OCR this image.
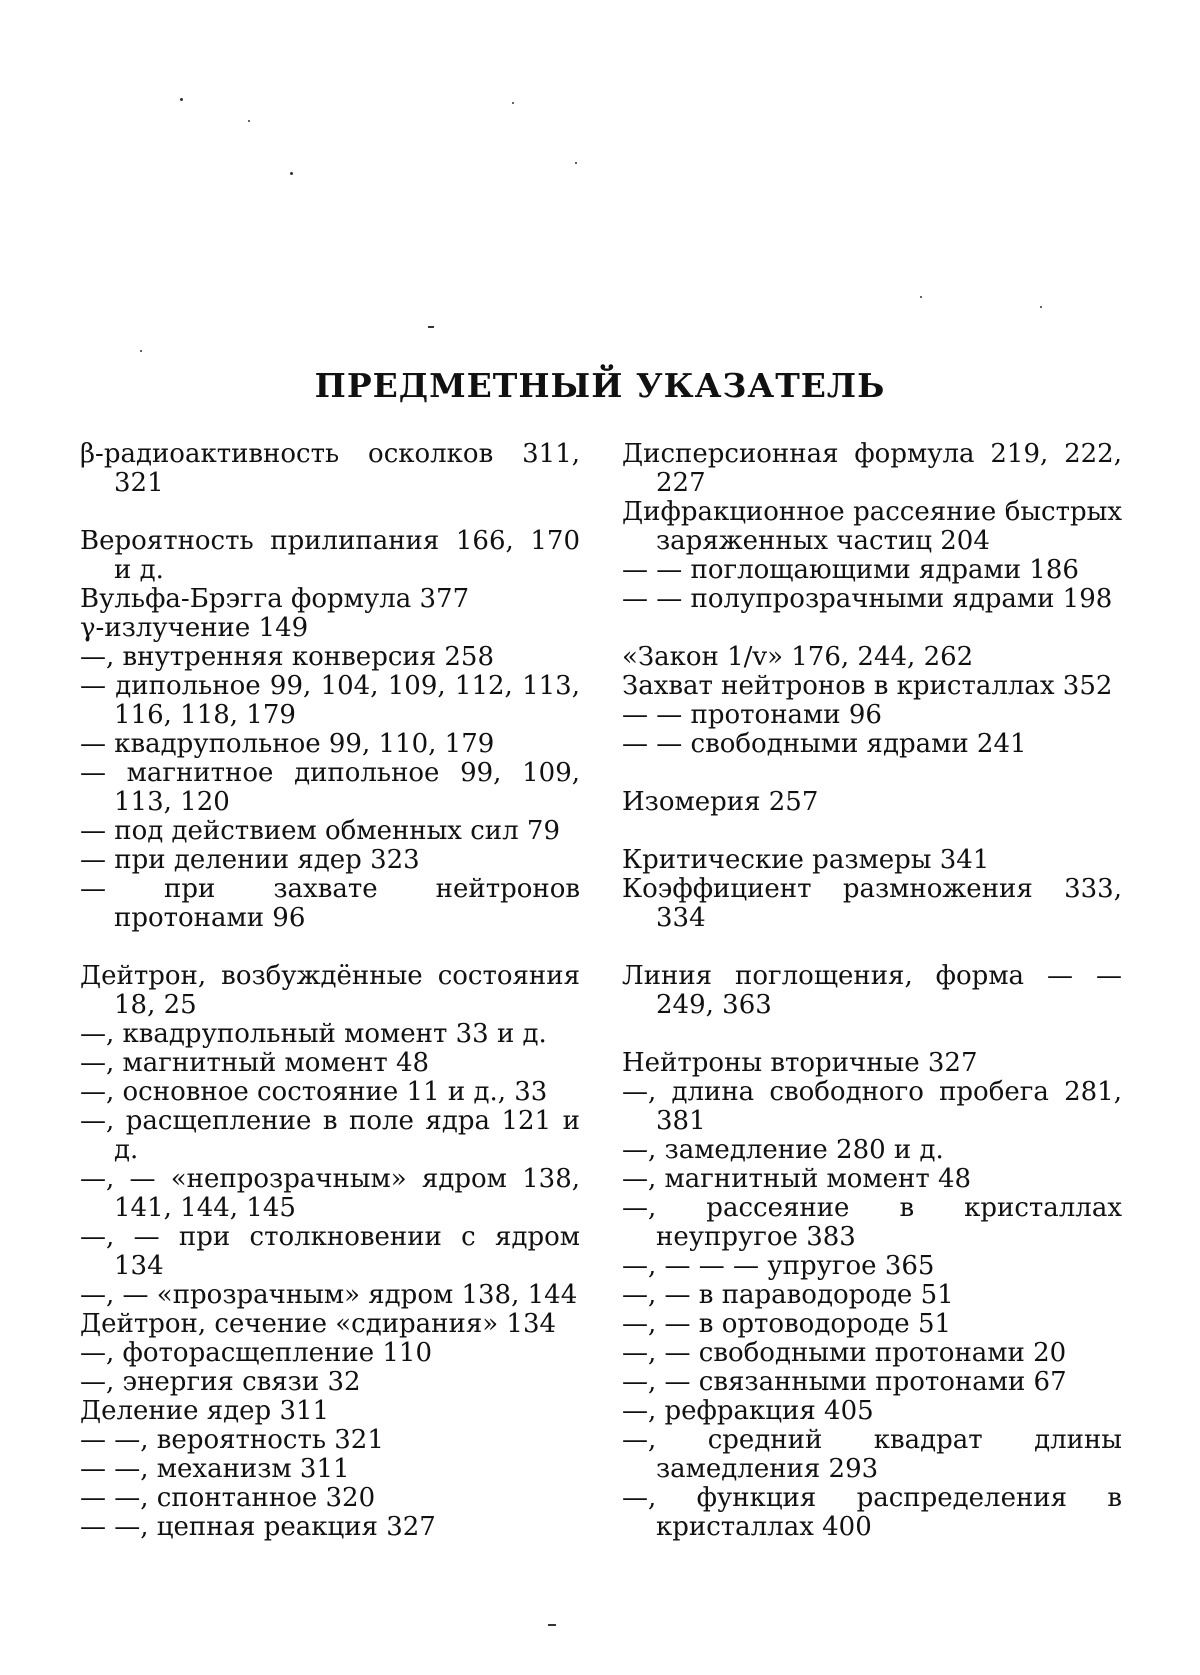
ПРЕДМЕТНЫЙ УКАЗАТЕЛЬ
β-радиоактивность осколков 311, 321
Вероятность прилипания 166, 170 и д.
Вульфа-Брэгга формула 377
γ-излучение 149
—, внутренняя конверсия 258
— дипольное 99, 104, 109, 112, 113, 116, 118, 179
— квадрупольное 99, 110, 179
— магнитное дипольное 99, 109, 113, 120
— под действием обменных сил 79
— при делении ядер 323
— при захвате нейтронов протонами 96
Дейтрон, возбуждённые состояния 18, 25
—, квадрупольный момент 33 и д.
—, магнитный момент 48
—, основное состояние 11 и д., 33
—, расщепление в поле ядра 121 и д.
—, — «непрозрачным» ядром 138, 141, 144, 145
—, — при столкновении с ядром 134
—, — «прозрачным» ядром 138, 144
Дейтрон, сечение «сдирания» 134
—, фоторасщепление 110
—, энергия связи 32
Деление ядер 311
— —, вероятность 321
— —, механизм 311
— —, спонтанное 320
— —, цепная реакция 327
Дисперсионная формула 219, 222, 227
Дифракционное рассеяние быстрых заряженных частиц 204
— — поглощающими ядрами 186
— — полупрозрачными ядрами 198
«Закон 1/v» 176, 244, 262
Захват нейтронов в кристаллах 352
— — протонами 96
— — свободными ядрами 241
Изомерия 257
Критические размеры 341
Коэффициент размножения 333, 334
Линия поглощения, форма — — 249, 363
Нейтроны вторичные 327
—, длина свободного пробега 281, 381
—, замедление 280 и д.
—, магнитный момент 48
—, рассеяние в кристаллах неупругое 383
—, — — — упругое 365
—, — в параводороде 51
—, — в ортоводороде 51
—, — свободными протонами 20
—, — связанными протонами 67
—, рефракция 405
—, средний квадрат длины замедления 293
—, функция распределения в кристаллах 400
